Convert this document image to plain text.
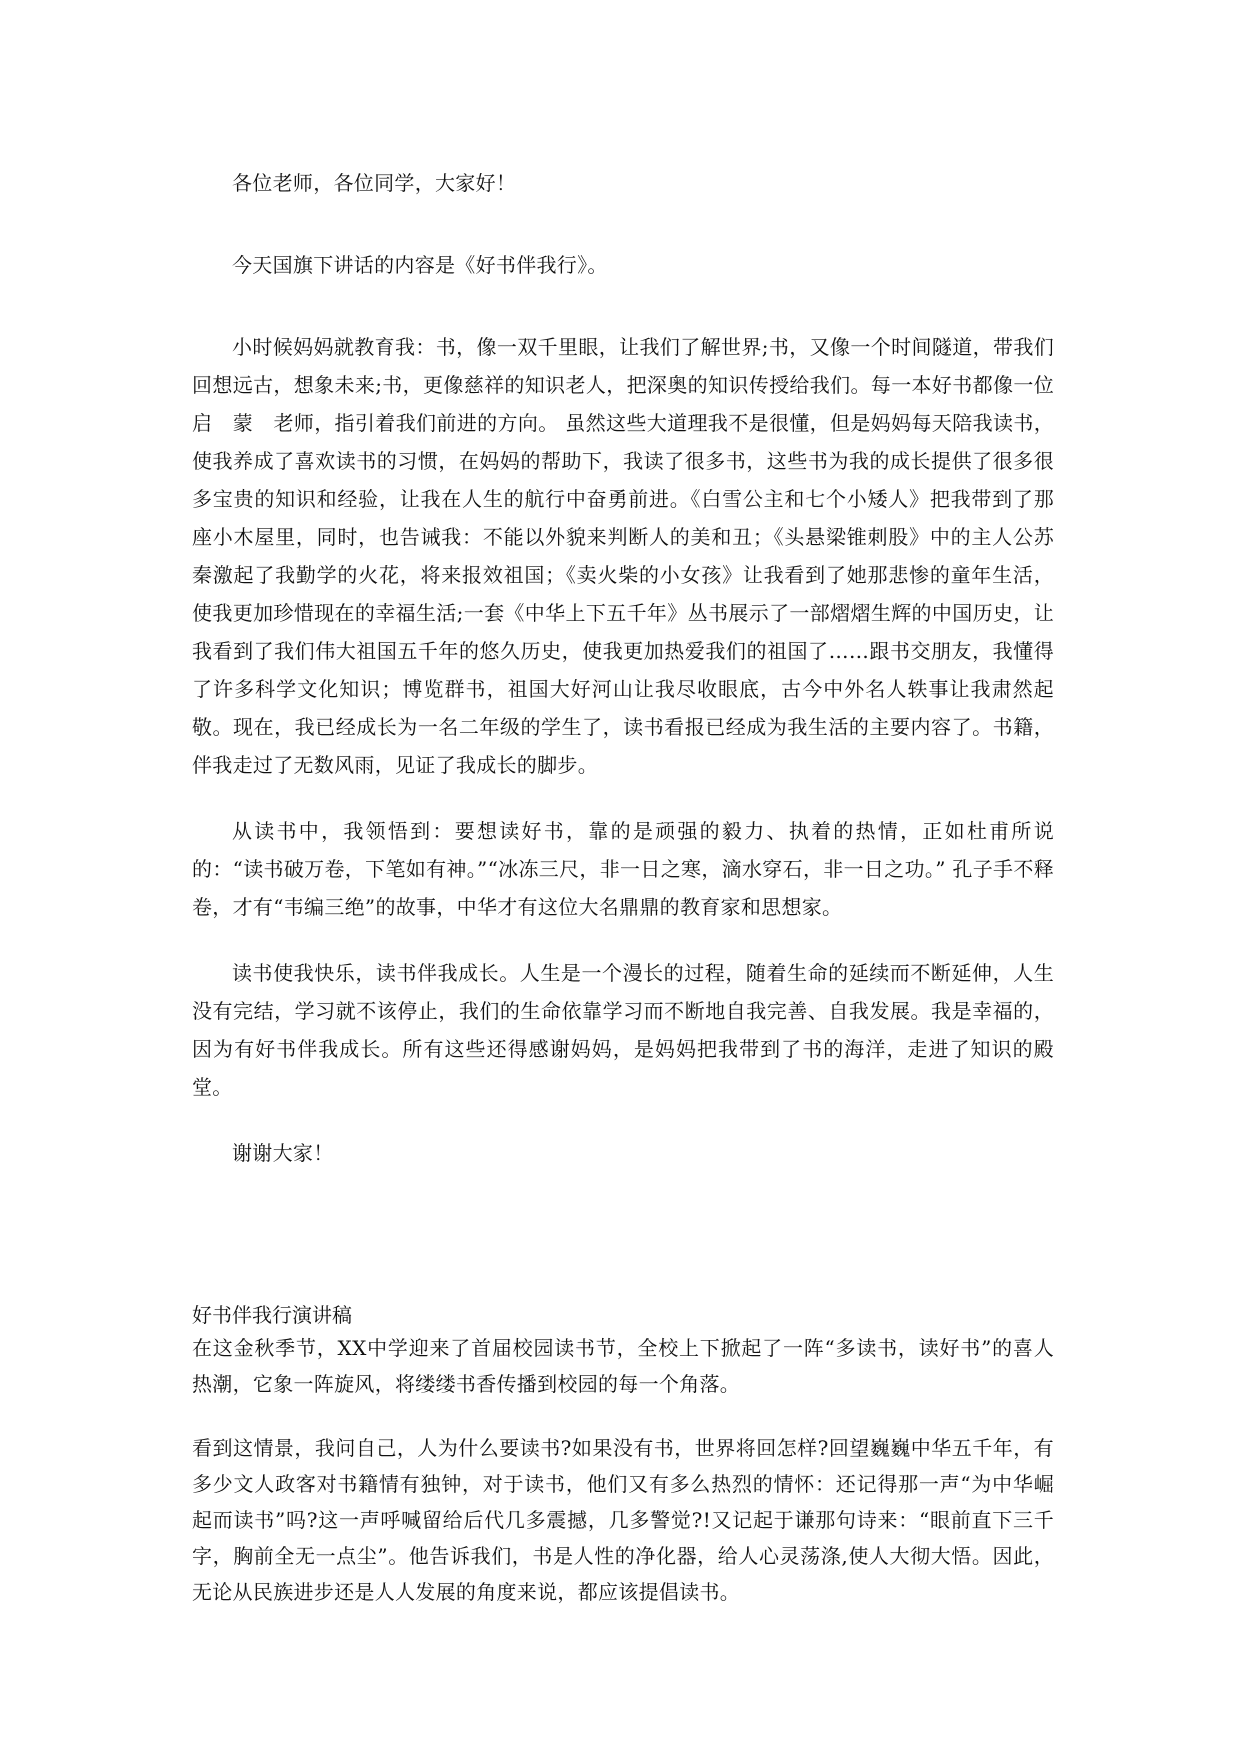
各位老师，各位同学，大家好！

今天国旗下讲话的内容是《好书伴我行》。

小时候妈妈就教育我：书，像一双千里眼，让我们了解世界;书，又像一个时间隧道，带我们回想远古，想象未来;书，更像慈祥的知识老人，把深奥的知识传授给我们。每一本好书都像一位启　蒙　老师，指引着我们前进的方向。 虽然这些大道理我不是很懂，但是妈妈每天陪我读书，使我养成了喜欢读书的习惯，在妈妈的帮助下，我读了很多书，这些书为我的成长提供了很多很多宝贵的知识和经验，让我在人生的航行中奋勇前进。《白雪公主和七个小矮人》把我带到了那座小木屋里，同时，也告诫我：不能以外貌来判断人的美和丑；《头悬梁锥刺股》中的主人公苏秦激起了我勤学的火花，将来报效祖国；《卖火柴的小女孩》让我看到了她那悲惨的童年生活，使我更加珍惜现在的幸福生活;一套《中华上下五千年》丛书展示了一部熠熠生辉的中国历史，让我看到了我们伟大祖国五千年的悠久历史，使我更加热爱我们的祖国了……跟书交朋友，我懂得了许多科学文化知识；博览群书，祖国大好河山让我尽收眼底，古今中外名人轶事让我肃然起敬。现在，我已经成长为一名二年级的学生了，读书看报已经成为我生活的主要内容了。书籍，伴我走过了无数风雨，见证了我成长的脚步。

从读书中，我领悟到：要想读好书，靠的是顽强的毅力、执着的热情，正如杜甫所说的：“读书破万卷，下笔如有神。”“冰冻三尺，非一日之寒，滴水穿石，非一日之功。” 孔子手不释卷，才有“韦编三绝”的故事，中华才有这位大名鼎鼎的教育家和思想家。

读书使我快乐，读书伴我成长。人生是一个漫长的过程，随着生命的延续而不断延伸，人生没有完结，学习就不该停止，我们的生命依靠学习而不断地自我完善、自我发展。我是幸福的，因为有好书伴我成长。所有这些还得感谢妈妈，是妈妈把我带到了书的海洋，走进了知识的殿堂。

谢谢大家！

好书伴我行演讲稿

在这金秋季节，XX中学迎来了首届校园读书节，全校上下掀起了一阵“多读书，读好书”的喜人热潮，它象一阵旋风，将缕缕书香传播到校园的每一个角落。

看到这情景，我问自己，人为什么要读书?如果没有书，世界将回怎样?回望巍巍中华五千年，有多少文人政客对书籍情有独钟，对于读书，他们又有多么热烈的情怀：还记得那一声“为中华崛起而读书”吗?这一声呼喊留给后代几多震撼，几多警觉?!又记起于谦那句诗来：“眼前直下三千字，胸前全无一点尘”。他告诉我们，书是人性的净化器，给人心灵荡涤,使人大彻大悟。因此，无论从民族进步还是人人发展的角度来说，都应该提倡读书。
